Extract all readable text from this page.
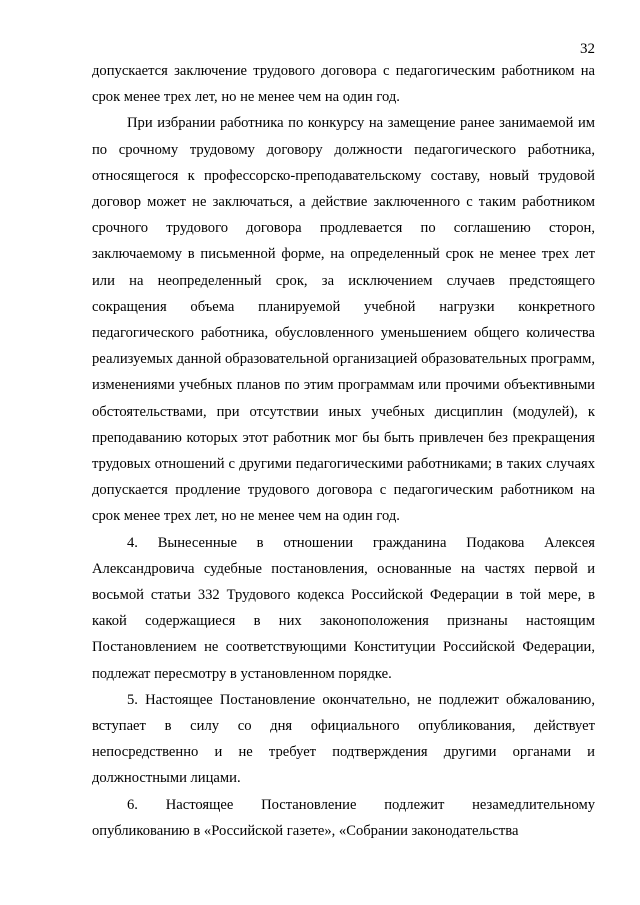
32

допускается заключение трудового договора с педагогическим работником на срок менее трех лет, но не менее чем на один год.

При избрании работника по конкурсу на замещение ранее занимаемой им по срочному трудовому договору должности педагогического работника, относящегося к профессорско-преподавательскому составу, новый трудовой договор может не заключаться, а действие заключенного с таким работником срочного трудового договора продлевается по соглашению сторон, заключаемому в письменной форме, на определенный срок не менее трех лет или на неопределенный срок, за исключением случаев предстоящего сокращения объема планируемой учебной нагрузки конкретного педагогического работника, обусловленного уменьшением общего количества реализуемых данной образовательной организацией образовательных программ, изменениями учебных планов по этим программам или прочими объективными обстоятельствами, при отсутствии иных учебных дисциплин (модулей), к преподаванию которых этот работник мог бы быть привлечен без прекращения трудовых отношений с другими педагогическими работниками; в таких случаях допускается продление трудового договора с педагогическим работником на срок менее трех лет, но не менее чем на один год.

4. Вынесенные в отношении гражданина Подакова Алексея Александровича судебные постановления, основанные на частях первой и восьмой статьи 332 Трудового кодекса Российской Федерации в той мере, в какой содержащиеся в них законоположения признаны настоящим Постановлением не соответствующими Конституции Российской Федерации, подлежат пересмотру в установленном порядке.

5. Настоящее Постановление окончательно, не подлежит обжалованию, вступает в силу со дня официального опубликования, действует непосредственно и не требует подтверждения другими органами и должностными лицами.

6. Настоящее Постановление подлежит незамедлительному опубликованию в «Российской газете», «Собрании законодательства
